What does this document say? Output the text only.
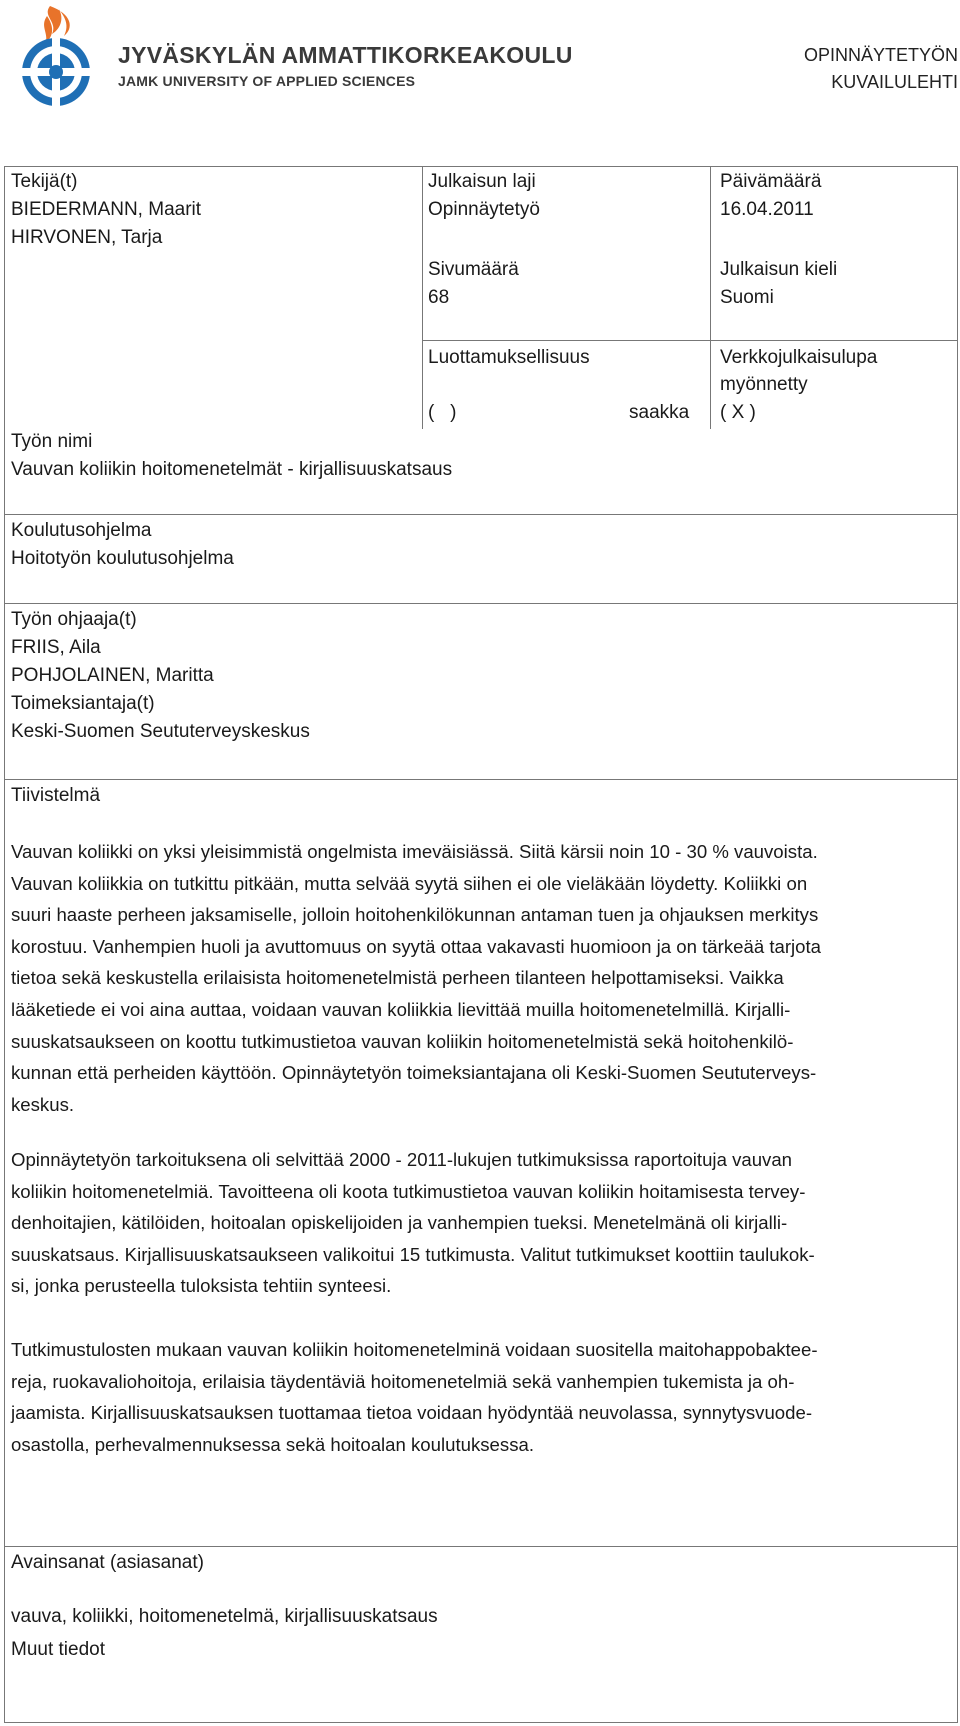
JYVÄSKYLÄN AMMATTIKORKEAKOULU
JAMK UNIVERSITY OF APPLIED SCIENCES
OPINNÄYTETYÖN
KUVAILULEHTI
Tekijä(t)
BIEDERMANN, Maarit
HIRVONEN, Tarja
Julkaisun laji
Opinnäytetyö
Päivämäärä
16.04.2011
Sivumäärä
68
Julkaisun kieli
Suomi
Luottamuksellisuus
(   )	saakka
Verkkojulkaisulupa
myönnetty
( X )
Työn nimi
Vauvan koliikin hoitomenetelmät - kirjallisuuskatsaus
Koulutusohjelma
Hoitotyön koulutusohjelma
Työn ohjaaja(t)
FRIIS, Aila
POHJOLAINEN, Maritta
Toimeksiantaja(t)
Keski-Suomen Seututerveyskeskus
Tiivistelmä
Vauvan koliikki on yksi yleisimmistä ongelmista imeväisiässä. Siitä kärsii noin 10 - 30 % vauvoista.
Vauvan koliikkia on tutkittu pitkään, mutta selvää syytä siihen ei ole vieläkään löydetty. Koliikki on
suuri haaste perheen jaksamiselle, jolloin hoitohenkilökunnan antaman tuen ja ohjauksen merkitys
korostuu. Vanhempien huoli ja avuttomuus on syytä ottaa vakavasti huomioon ja on tärkeää tarjota
tietoa sekä keskustella erilaisista hoitomenetelmistä perheen tilanteen helpottamiseksi. Vaikka
lääketiede ei voi aina auttaa, voidaan vauvan koliikkia lievittää muilla hoitomenetelmillä. Kirjalli-
suuskatsaukseen on koottu tutkimustietoa vauvan koliikin hoitomenetelmistä sekä hoitohenkilö-
kunnan että perheiden käyttöön. Opinnäytetyön toimeksiantajana oli Keski-Suomen Seututerveys-
keskus.
Opinnäytetyön tarkoituksena oli selvittää 2000 - 2011-lukujen tutkimuksissa raportoituja vauvan
koliikin hoitomenetelmiä. Tavoitteena oli koota tutkimustietoa vauvan koliikin hoitamisesta tervey-
denhoitajien, kätilöiden, hoitoalan opiskelijoiden ja vanhempien tueksi. Menetelmänä oli kirjalli-
suuskatsaus. Kirjallisuuskatsaukseen valikoitui 15 tutkimusta. Valitut tutkimukset koottiin taulukok-
si, jonka perusteella tuloksista tehtiin synteesi.
Tutkimustulosten mukaan vauvan koliikin hoitomenetelminä voidaan suositella maitohappobaktee-
reja, ruokavaliohoitoja, erilaisia täydentäviä hoitomenetelmiä sekä vanhempien tukemista ja oh-
jaamista. Kirjallisuuskatsauksen tuottamaa tietoa voidaan hyödyntää neuvolassa, synnytysvuode-
osastolla, perhevalmennuksessa sekä hoitoalan koulutuksessa.
Avainsanat (asiasanat)
vauva, koliikki, hoitomenetelmä, kirjallisuuskatsaus
Muut tiedot
